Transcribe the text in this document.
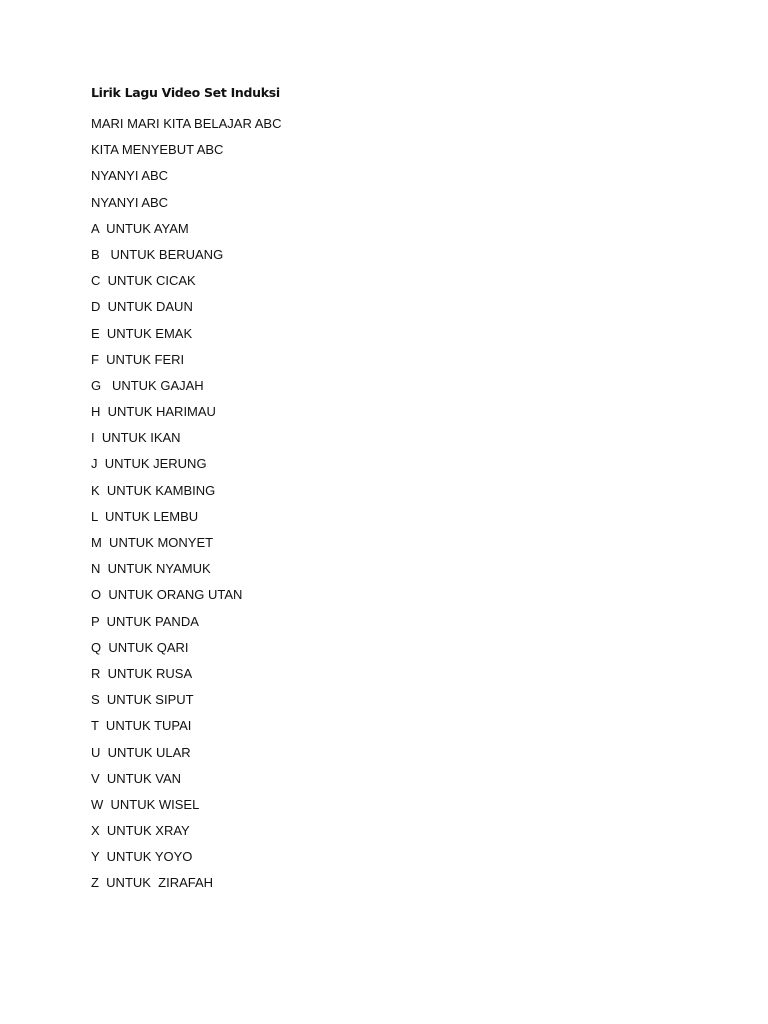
Lirik Lagu Video Set Induksi
MARI MARI KITA BELAJAR ABC
KITA MENYEBUT ABC
NYANYI ABC
NYANYI ABC
A  UNTUK AYAM
B   UNTUK BERUANG
C  UNTUK CICAK
D  UNTUK DAUN
E  UNTUK EMAK
F  UNTUK FERI
G   UNTUK GAJAH
H  UNTUK HARIMAU
I  UNTUK IKAN
J  UNTUK JERUNG
K  UNTUK KAMBING
L  UNTUK LEMBU
M  UNTUK MONYET
N  UNTUK NYAMUK
O  UNTUK ORANG UTAN
P  UNTUK PANDA
Q  UNTUK QARI
R  UNTUK RUSA
S  UNTUK SIPUT
T  UNTUK TUPAI
U  UNTUK ULAR
V  UNTUK VAN
W  UNTUK WISEL
X  UNTUK XRAY
Y  UNTUK YOYO
Z  UNTUK  ZIRAFAH
